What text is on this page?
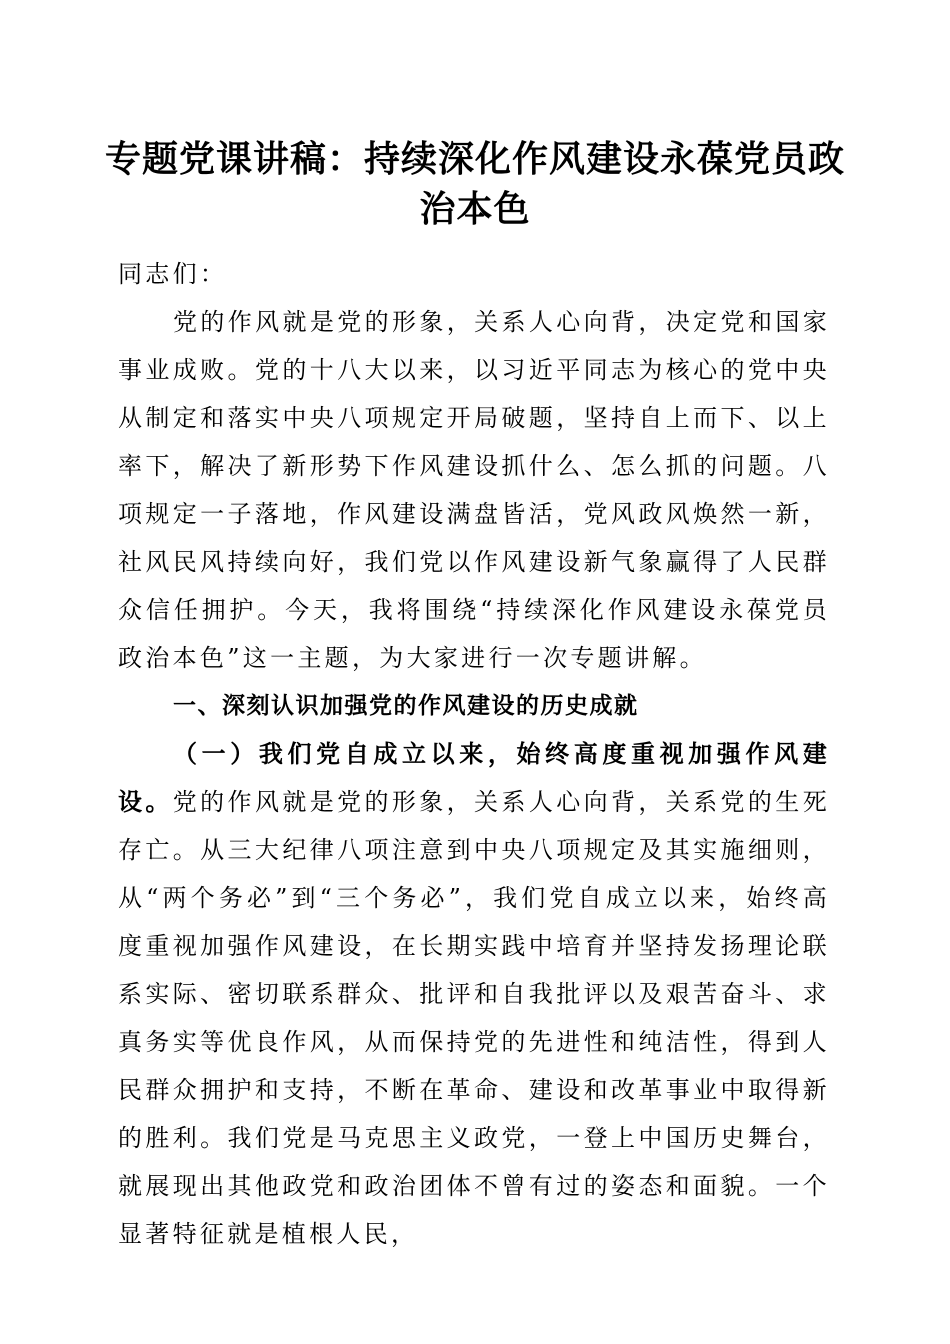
专题党课讲稿：持续深化作风建设永葆党员政治本色

同志们：

党的作风就是党的形象，关系人心向背，决定党和国家事业成败。党的十八大以来，以习近平同志为核心的党中央从制定和落实中央八项规定开局破题，坚持自上而下、以上率下，解决了新形势下作风建设抓什么、怎么抓的问题。八项规定一子落地，作风建设满盘皆活，党风政风焕然一新，社风民风持续向好，我们党以作风建设新气象赢得了人民群众信任拥护。今天，我将围绕“持续深化作风建设永葆党员政治本色”这一主题，为大家进行一次专题讲解。

一、深刻认识加强党的作风建设的历史成就

（一）我们党自成立以来，始终高度重视加强作风建设。党的作风就是党的形象，关系人心向背，关系党的生死存亡。从三大纪律八项注意到中央八项规定及其实施细则，从“两个务必”到“三个务必”，我们党自成立以来，始终高度重视加强作风建设，在长期实践中培育并坚持发扬理论联系实际、密切联系群众、批评和自我批评以及艰苦奋斗、求真务实等优良作风，从而保持党的先进性和纯洁性，得到人民群众拥护和支持，不断在革命、建设和改革事业中取得新的胜利。我们党是马克思主义政党，一登上中国历史舞台，就展现出其他政党和政治团体不曾有过的姿态和面貌。一个显著特征就是植根人民，
